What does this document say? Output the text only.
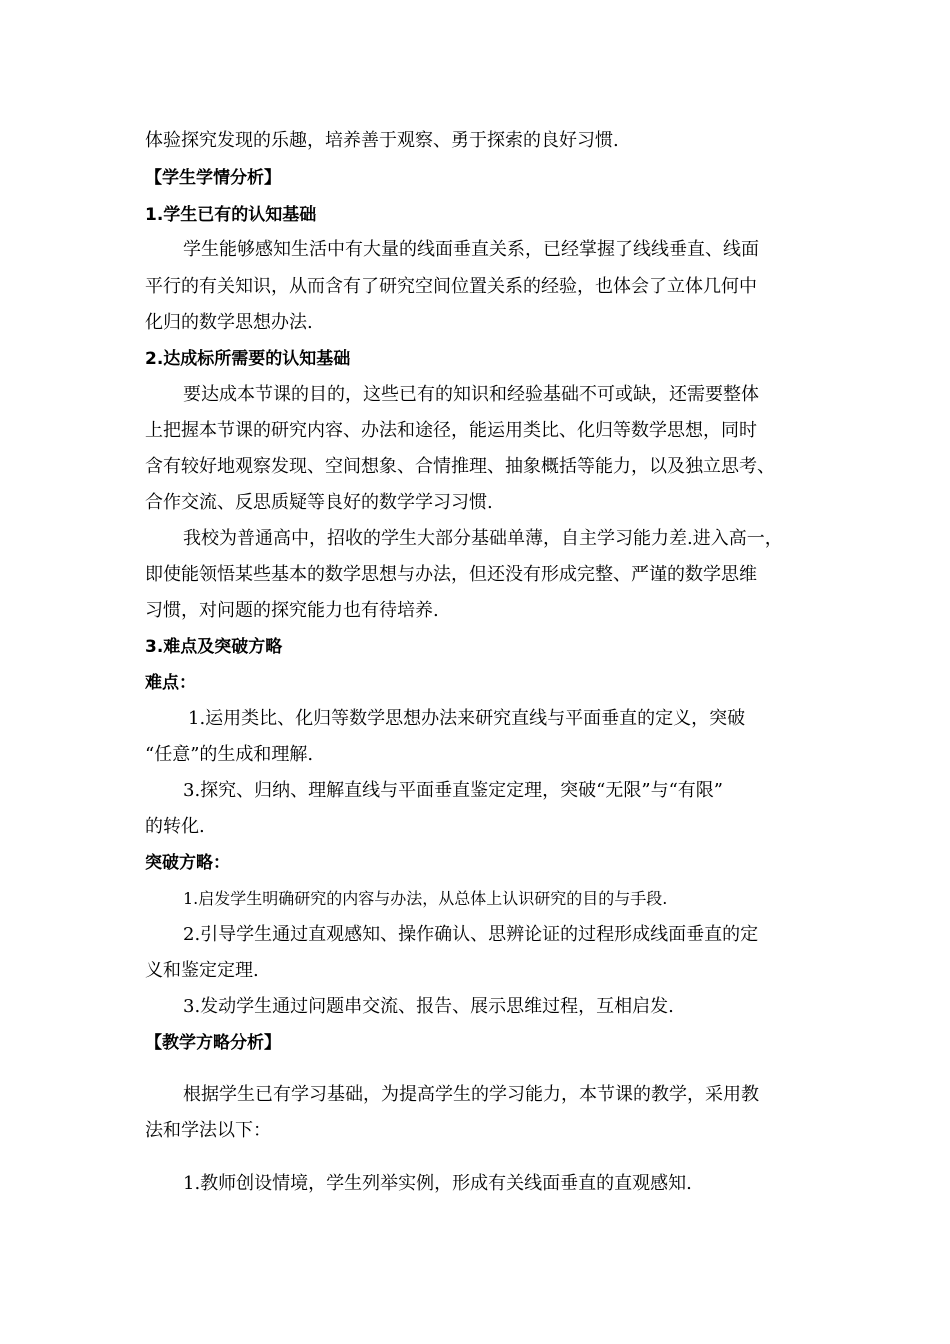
体验探究发现的乐趣，培养善于观察、勇于探索的良好习惯.
【学生学情分析】
1.学生已有的认知基础
学生能够感知生活中有大量的线面垂直关系，已经掌握了线线垂直、线面
平行的有关知识，从而含有了研究空间位置关系的经验，也体会了立体几何中
化归的数学思想办法.
2.达成标所需要的认知基础
要达成本节课的目的，这些已有的知识和经验基础不可或缺，还需要整体
上把握本节课的研究内容、办法和途径，能运用类比、化归等数学思想，同时
含有较好地观察发现、空间想象、合情推理、抽象概括等能力，以及独立思考、
合作交流、反思质疑等良好的数学学习习惯.
我校为普通高中，招收的学生大部分基础单薄，自主学习能力差.进入高一，
即使能领悟某些基本的数学思想与办法，但还没有形成完整、严谨的数学思维
习惯，对问题的探究能力也有待培养.
3.难点及突破方略
难点：
1.运用类比、化归等数学思想办法来研究直线与平面垂直的定义，突破
“任意”的生成和理解.
3.探究、归纳、理解直线与平面垂直鉴定定理，突破“无限”与“有限”
的转化.
突破方略：
1.启发学生明确研究的内容与办法，从总体上认识研究的目的与手段.
2.引导学生通过直观感知、操作确认、思辨论证的过程形成线面垂直的定
义和鉴定定理.
3.发动学生通过问题串交流、报告、展示思维过程，互相启发.
【教学方略分析】
根据学生已有学习基础，为提高学生的学习能力，本节课的教学，采用教
法和学法以下：
1.教师创设情境，学生列举实例，形成有关线面垂直的直观感知.
